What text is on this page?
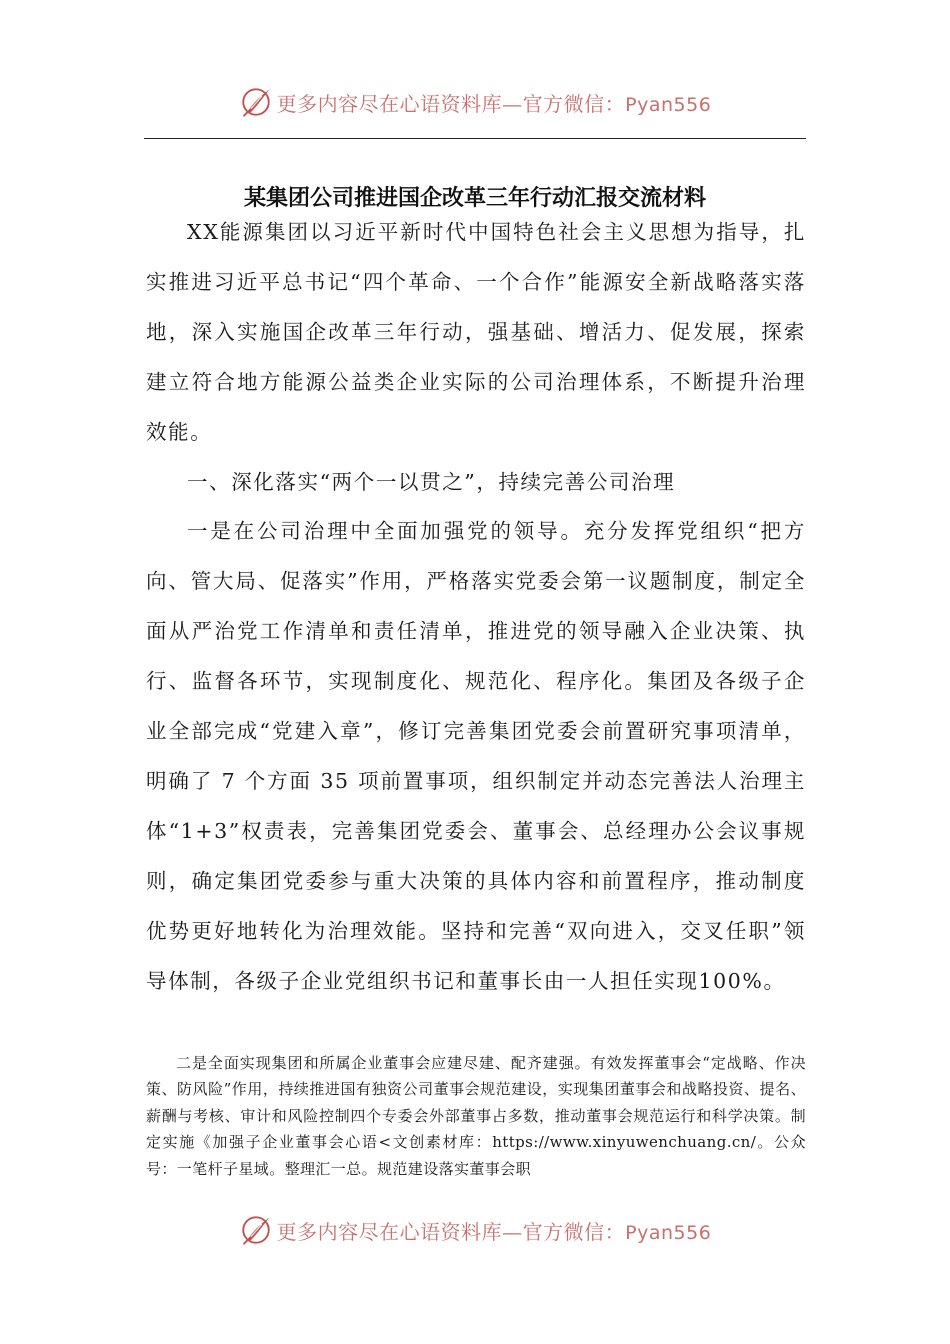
更多内容尽在心语资料库—官方微信：Pyan556
某集团公司推进国企改革三年行动汇报交流材料

XX能源集团以习近平新时代中国特色社会主义思想为指导，扎实推进习近平总书记“四个革命、一个合作”能源安全新战略落实落地，深入实施国企改革三年行动，强基础、增活力、促发展，探索建立符合地方能源公益类企业实际的公司治理体系，不断提升治理效能。

一、深化落实“两个一以贯之”，持续完善公司治理

一是在公司治理中全面加强党的领导。充分发挥党组织“把方向、管大局、促落实”作用，严格落实党委会第一议题制度，制定全面从严治党工作清单和责任清单，推进党的领导融入企业决策、执行、监督各环节，实现制度化、规范化、程序化。集团及各级子企业全部完成“党建入章”，修订完善集团党委会前置研究事项清单，明确了 7 个方面 35 项前置事项，组织制定并动态完善法人治理主体“1+3”权责表，完善集团党委会、董事会、总经理办公会议事规则，确定集团党委参与重大决策的具体内容和前置程序，推动制度优势更好地转化为治理效能。坚持和完善“双向进入，交叉任职”领导体制，各级子企业党组织书记和董事长由一人担任实现100%。

二是全面实现集团和所属企业董事会应建尽建、配齐建强。有效发挥董事会“定战略、作决策、防风险”作用，持续推进国有独资公司董事会规范建设，实现集团董事会和战略投资、提名、薪酬与考核、审计和风险控制四个专委会外部董事占多数，推动董事会规范运行和科学决策。制定实施《加强子企业董事会心语<文创素材库：https://www.xinyuwenchuang.cn/。公众号：一笔杆子星域。整理汇一总。规范建设落实董事会职

更多内容尽在心语资料库—官方微信：Pyan556
